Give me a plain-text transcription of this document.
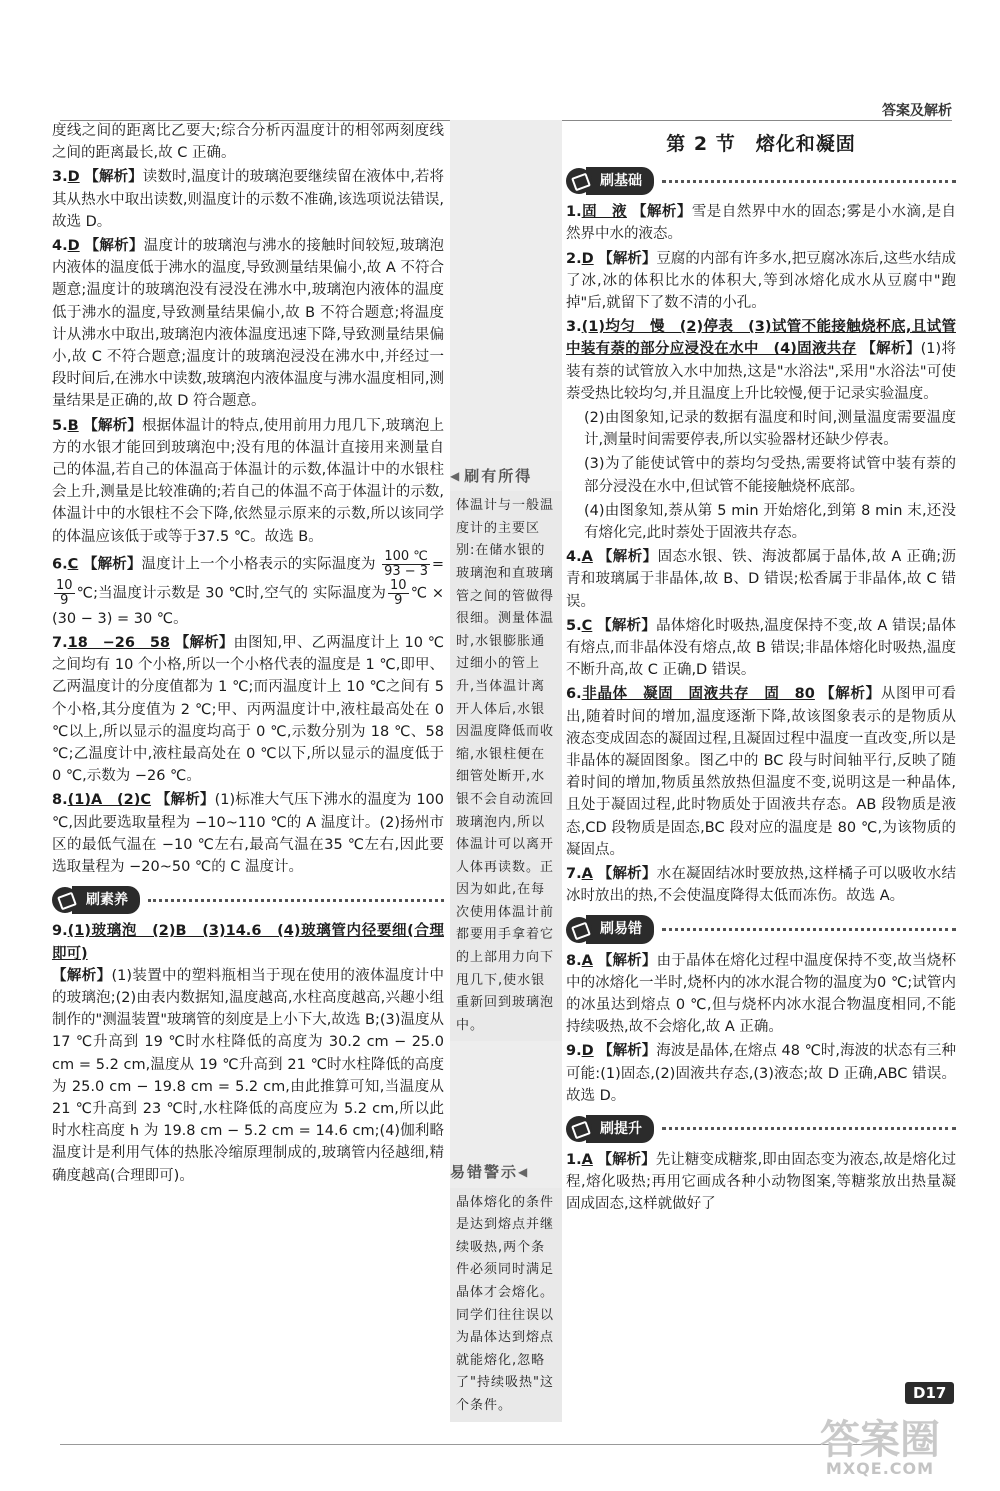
答案及解析

度线之间的距离比乙要大;综合分析丙温度计的相邻两刻度线之间的距离最长,故 C 正确。

3.D 【解析】读数时,温度计的玻璃泡要继续留在液体中,若将其从热水中取出读数,则温度计的示数不准确,该选项说法错误,故选 D。

4.D 【解析】温度计的玻璃泡与沸水的接触时间较短,玻璃泡内液体的温度低于沸水的温度,导致测量结果偏小,故 A 不符合题意;温度计的玻璃泡没有浸没在沸水中,玻璃泡内液体的温度低于沸水的温度,导致测量结果偏小,故 B 不符合题意;将温度计从沸水中取出,玻璃泡内液体温度迅速下降,导致测量结果偏小,故 C 不符合题意;温度计的玻璃泡浸没在沸水中,并经过一段时间后,在沸水中读数,玻璃泡内液体温度与沸水温度相同,测量结果是正确的,故 D 符合题意。

5.B 【解析】根据体温计的特点,使用前用力甩几下,玻璃泡上方的水银才能回到玻璃泡中;没有甩的体温计直接用来测量自己的体温,若自己的体温高于体温计的示数,体温计中的水银柱会上升,测量是比较准确的;若自己的体温不高于体温计的示数,体温计中的水银柱不会下降,依然显示原来的示数,所以该同学的体温应该低于或等于37.5 ℃。故选 B。

6.C 【解析】温度计上一个小格表示的实际温度为 $\frac{100 ℃}{93 - 3}$ =
$\frac{10}{9}$ ℃;当温度计示数是 30 ℃时,空气的 实际温度为 $\frac{10}{9}$ ℃ × (30 − 3) = 30 ℃。

7.18　−26　58 【解析】由图知,甲、乙两温度计上 10 ℃之间均有 10 个小格,所以一个小格代表的温度是 1 ℃,即甲、乙两温度计的分度值都为 1 ℃;而丙温度计上 10 ℃之间有 5 个小格,其分度值为 2 ℃;甲、丙两温度计中,液柱最高处在 0 ℃以上,所以显示的温度均高于 0 ℃,示数分别为 18 ℃、58 ℃;乙温度计中,液柱最高处在 0 ℃以下,所以显示的温度低于 0 ℃,示数为 −26 ℃。

8.(1)A　(2)C 【解析】(1)标准大气压下沸水的温度为 100 ℃,因此要选取量程为 −10~110 ℃的 A 温度计。(2)扬州市区的最低气温在 −10 ℃左右,最高气温在35 ℃左右,因此要选取量程为 −20~50 ℃的 C 温度计。

刷素养

9.(1)玻璃泡　(2)B　(3)14.6　(4)玻璃管内径要细(合理即可)
【解析】(1)装置中的塑料瓶相当于现在使用的液体温度计中的玻璃泡;(2)由表内数据知,温度越高,水柱高度越高,兴趣小组制作的"测温装置"玻璃管的刻度是上小下大,故选 B;(3)温度从 17 ℃升高到 19 ℃时水柱降低的高度为 30.2 cm − 25.0 cm = 5.2 cm,温度从 19 ℃升高到 21 ℃时水柱降低的高度为 25.0 cm − 19.8 cm = 5.2 cm,由此推算可知,当温度从 21 ℃升高到 23 ℃时,水柱降低的高度应为 5.2 cm,所以此时水柱高度 h 为 19.8 cm − 5.2 cm = 14.6 cm;(4)伽利略温度计是利用气体的热胀冷缩原理制成的,玻璃管内径越细,精确度越高(合理即可)。

◀ 刷有所得
体温计与一般温度计的主要区别:在储水银的玻璃泡和直玻璃管之间的管做得很细。测量体温时,水银膨胀通过细小的管上升,当体温计离开人体后,水银因温度降低而收缩,水银柱便在细管处断开,水银不会自动流回玻璃泡内,所以体温计可以离开人体再读数。正因为如此,在每次使用体温计前都要用手拿着它的上部用力向下甩几下,使水银重新回到玻璃泡中。
易错警示 ◀
晶体熔化的条件是达到熔点并继续吸热,两个条件必须同时满足晶体才会熔化。同学们往往误以为晶体达到熔点就能熔化,忽略了"持续吸热"这个条件。
第 2 节　熔化和凝固
刷基础

1.固　液 【解析】雪是自然界中水的固态;雾是小水滴,是自然界中水的液态。

2.D 【解析】豆腐的内部有许多水,把豆腐冰冻后,这些水结成了冰,冰的体积比水的体积大,等到冰熔化成水从豆腐中"跑掉"后,就留下了数不清的小孔。

3.(1)均匀　慢　(2)停表　(3)试管不能接触烧杯底,且试管中装有萘的部分应浸没在水中　(4)固液共存 【解析】(1)将装有萘的试管放入水中加热,这是"水浴法",采用"水浴法"可使萘受热比较均匀,并且温度上升比较慢,便于记录实验温度。

(2)由图象知,记录的数据有温度和时间,测量温度需要温度计,测量时间需要停表,所以实验器材还缺少停表。

(3)为了能使试管中的萘均匀受热,需要将试管中装有萘的部分浸没在水中,但试管不能接触烧杯底部。

(4)由图象知,萘从第 5 min 开始熔化,到第 8 min 末,还没有熔化完,此时萘处于固液共存态。

4.A 【解析】固态水银、铁、海波都属于晶体,故 A 正确;沥青和玻璃属于非晶体,故 B、D 错误;松香属于非晶体,故 C 错误。

5.C 【解析】晶体熔化时吸热,温度保持不变,故 A 错误;晶体有熔点,而非晶体没有熔点,故 B 错误;非晶体熔化时吸热,温度不断升高,故 C 正确,D 错误。

6.非晶体　凝固　固液共存　固　80 【解析】从图甲可看出,随着时间的增加,温度逐渐下降,故该图象表示的是物质从液态变成固态的凝固过程,且凝固过程中温度一直改变,所以是非晶体的凝固图象。图乙中的 BC 段与时间轴平行,反映了随着时间的增加,物质虽然放热但温度不变,说明这是一种晶体,且处于凝固过程,此时物质处于固液共存态。AB 段物质是液态,CD 段物质是固态,BC 段对应的温度是 80 ℃,为该物质的凝固点。

7.A 【解析】水在凝固结冰时要放热,这样橘子可以吸收水结冰时放出的热,不会使温度降得太低而冻伤。故选 A。

刷易错

8.A 【解析】由于晶体在熔化过程中温度保持不变,故当烧杯中的冰熔化一半时,烧杯内的冰水混合物的温度为0 ℃;试管内的冰虽达到熔点 0 ℃,但与烧杯内冰水混合物温度相同,不能持续吸热,故不会熔化,故 A 正确。

9.D 【解析】海波是晶体,在熔点 48 ℃时,海波的状态有三种可能:(1)固态,(2)固液共存态,(3)液态;故 D 正确,ABC 错误。故选 D。

刷提升

1.A 【解析】先让糖变成糖浆,即由固态变为液态,故是熔化过程,熔化吸热;再用它画成各种小动物图案,等糖浆放出热量凝固成固态,这样就做好了

D17
答案圈
MXQE.COM
